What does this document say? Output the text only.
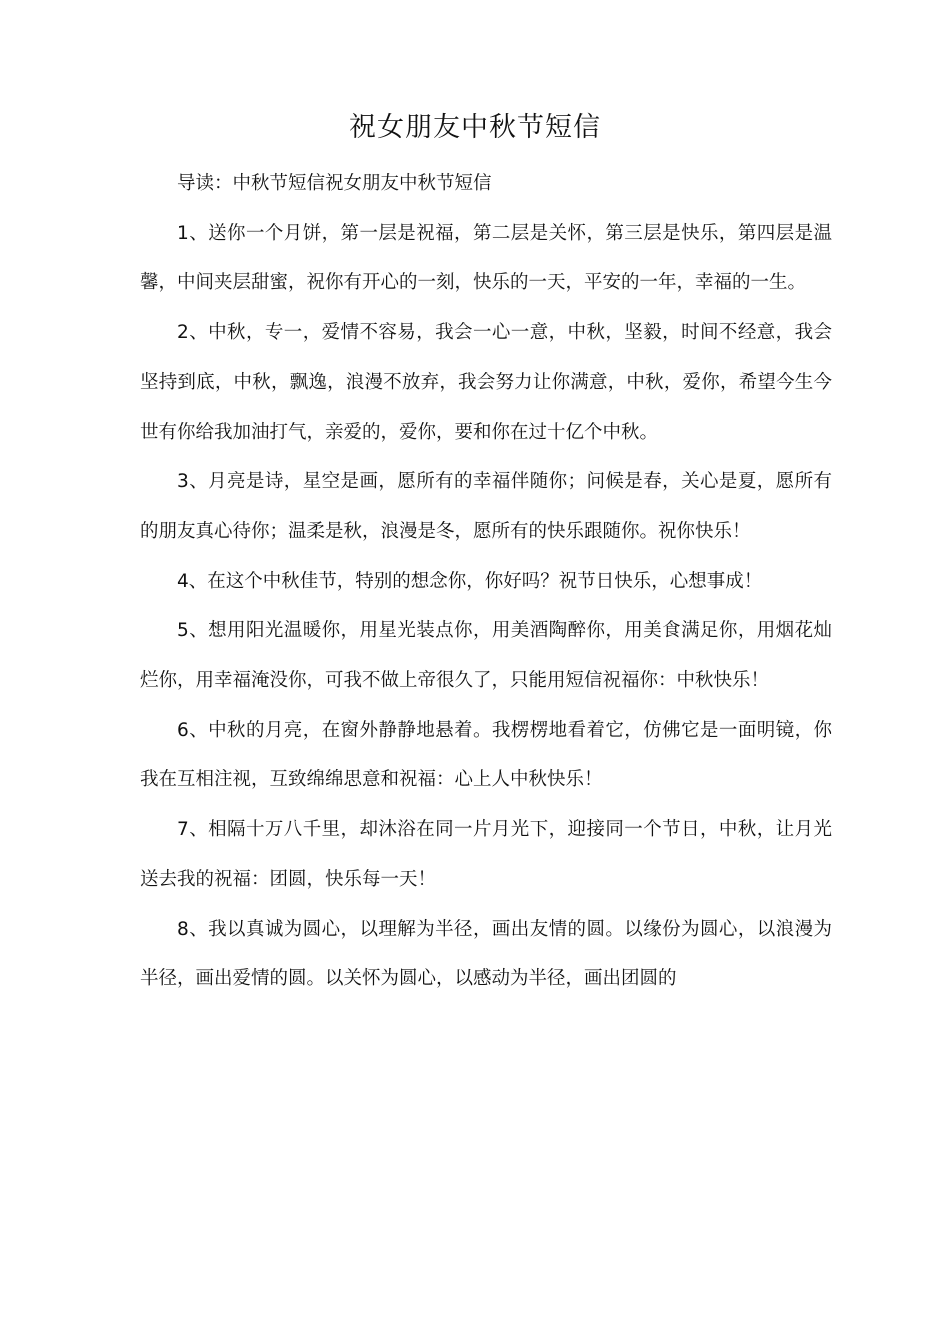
祝女朋友中秋节短信

导读：中秋节短信祝女朋友中秋节短信

1、送你一个月饼，第一层是祝福，第二层是关怀，第三层是快乐，第四层是温馨，中间夹层甜蜜，祝你有开心的一刻，快乐的一天，平安的一年，幸福的一生。

2、中秋，专一，爱情不容易，我会一心一意，中秋，坚毅，时间不经意，我会坚持到底，中秋，飘逸，浪漫不放弃，我会努力让你满意，中秋，爱你，希望今生今世有你给我加油打气，亲爱的，爱你，要和你在过十亿个中秋。

3、月亮是诗，星空是画，愿所有的幸福伴随你；问候是春，关心是夏，愿所有的朋友真心待你；温柔是秋，浪漫是冬，愿所有的快乐跟随你。祝你快乐！

4、在这个中秋佳节，特别的想念你，你好吗？祝节日快乐，心想事成！

5、想用阳光温暖你，用星光装点你，用美酒陶醉你，用美食满足你，用烟花灿烂你，用幸福淹没你，可我不做上帝很久了，只能用短信祝福你：中秋快乐！

6、中秋的月亮，在窗外静静地悬着。我楞楞地看着它，仿佛它是一面明镜，你我在互相注视，互致绵绵思意和祝福：心上人中秋快乐！

7、相隔十万八千里，却沐浴在同一片月光下，迎接同一个节日，中秋，让月光送去我的祝福：团圆，快乐每一天！

8、我以真诚为圆心，以理解为半径，画出友情的圆。以缘份为圆心，以浪漫为半径，画出爱情的圆。以关怀为圆心，以感动为半径，画出团圆的
